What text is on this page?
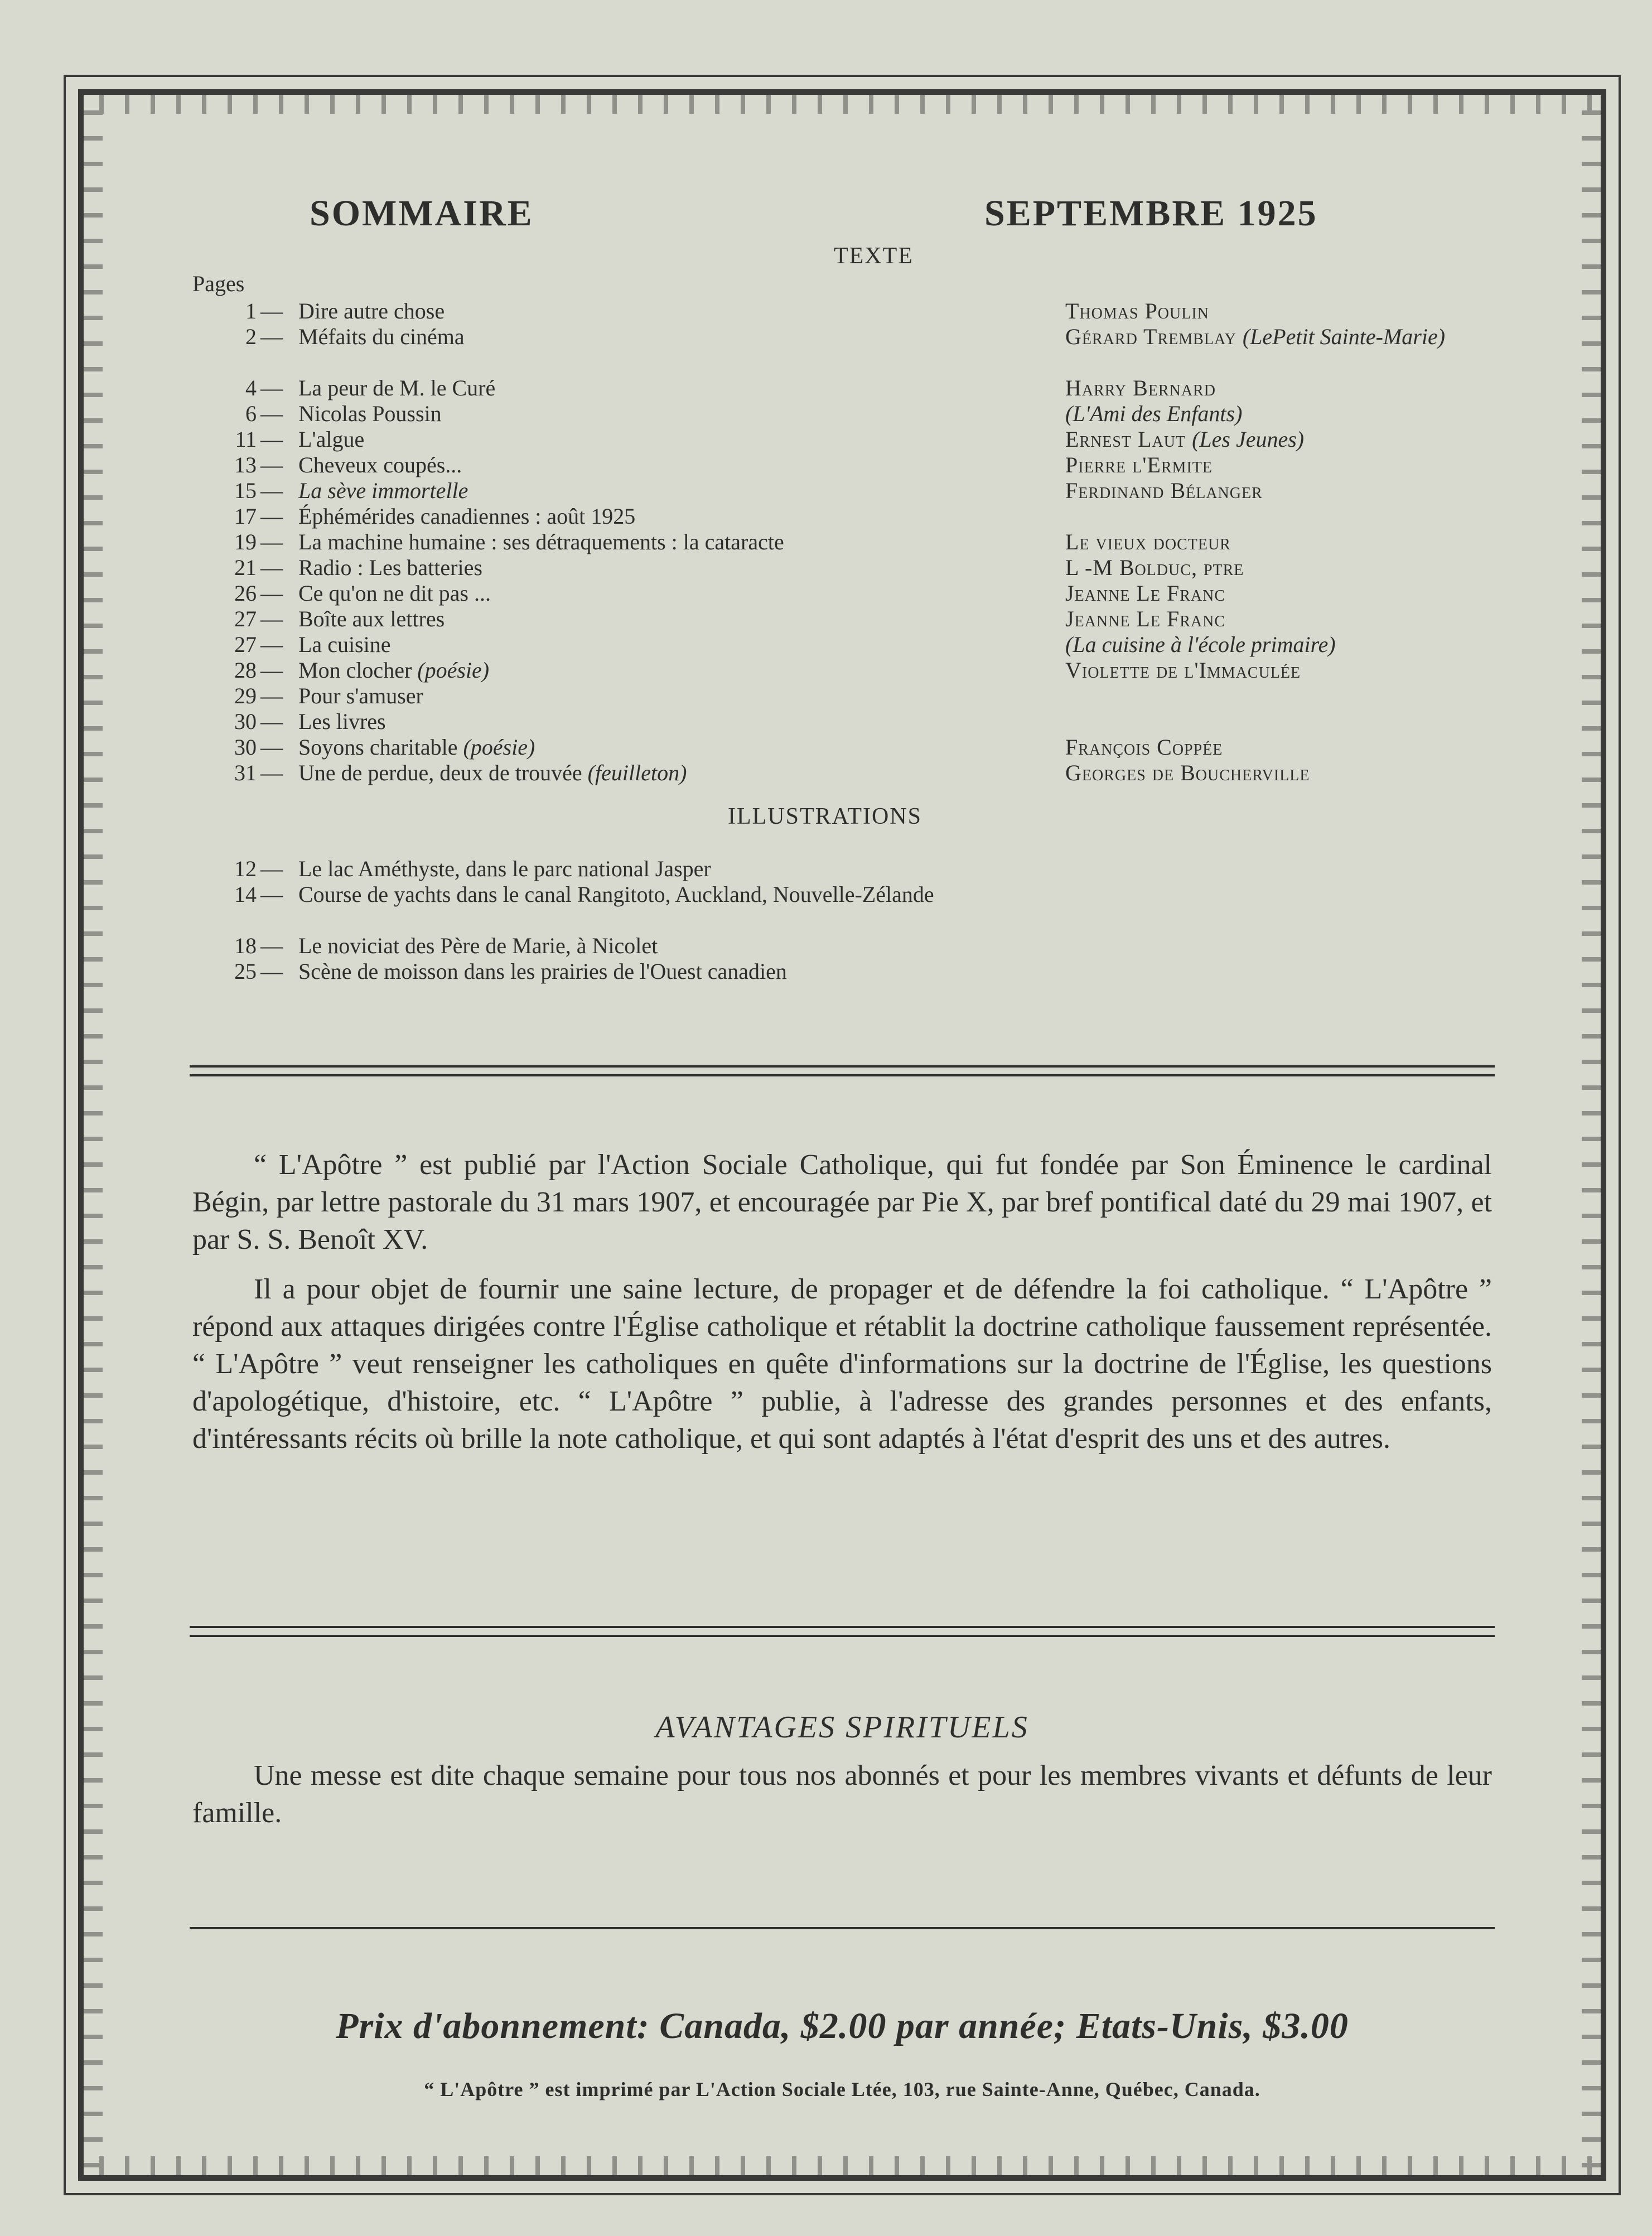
SOMMAIRE	SEPTEMBRE 1925
TEXTE
Pages
1 — Dire autre chose	Thomas Poulin
2 — Méfaits du cinéma	Gérard Tremblay (LePetit Sainte-Marie)
4 — La peur de M. le Curé	Harry Bernard
6 — Nicolas Poussin	(L'Ami des Enfants)
11 — L'algue	Ernest Laut (Les Jeunes)
13 — Cheveux coupés...	Pierre l'Ermite
15 — La sève immortelle	Ferdinand Bélanger
17 — Éphémérides canadiennes : août 1925
19 — La machine humaine : ses détraquements : la cataracte	Le vieux docteur
21 — Radio : Les batteries	L -M Bolduc, ptre
26 — Ce qu'on ne dit pas ...	Jeanne Le Franc
27 — Boîte aux lettres	Jeanne Le Franc
27 — La cuisine	(La cuisine à l'école primaire)
28 — Mon clocher (poésie)	Violette de l'Immaculée
29 — Pour s'amuser
30 — Les livres
30 — Soyons charitable (poésie)	François Coppée
31 — Une de perdue, deux de trouvée (feuilleton)	Georges de Boucherville
ILLUSTRATIONS
12 — Le lac Améthyste, dans le parc national Jasper
14 — Course de yachts dans le canal Rangitoto, Auckland, Nouvelle-Zélande
18 — Le noviciat des Père de Marie, à Nicolet
25 — Scène de moisson dans les prairies de l'Ouest canadien

“ L'Apôtre ” est publié par l'Action Sociale Catholique, qui fut fondée par Son Éminence le cardinal Bégin, par lettre pastorale du 31 mars 1907, et encouragée par Pie X, par bref pontifical daté du 29 mai 1907, et par S. S. Benoît XV.

Il a pour objet de fournir une saine lecture, de propager et de défendre la foi catholique. “ L'Apôtre ” répond aux attaques dirigées contre l'Église catholique et rétablit la doctrine catholique faussement représentée. “ L'Apôtre ” veut renseigner les catholiques en quête d'informations sur la doctrine de l'Église, les questions d'apologétique, d'histoire, etc. “ L'Apôtre ” publie, à l'adresse des grandes personnes et des enfants, d'intéressants récits où brille la note catholique, et qui sont adaptés à l'état d'esprit des uns et des autres.

AVANTAGES SPIRITUELS

Une messe est dite chaque semaine pour tous nos abonnés et pour les membres vivants et défunts de leur famille.

Prix d'abonnement: Canada, $2.00 par année; Etats-Unis, $3.00
“ L'Apôtre ” est imprimé par L'Action Sociale Ltée, 103, rue Sainte-Anne, Québec, Canada.
